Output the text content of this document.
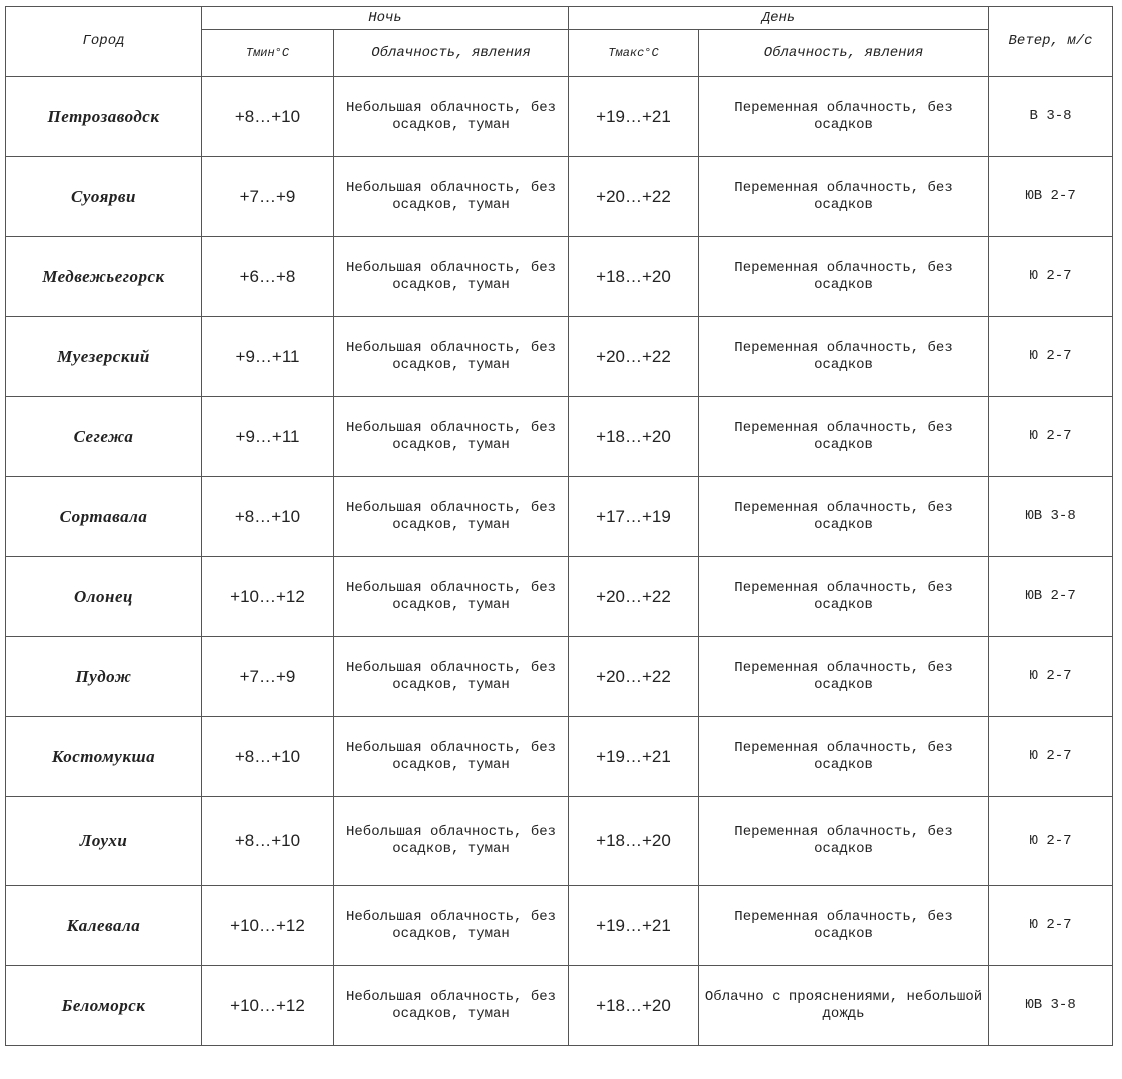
Город	Ночь		День		Ветер, м/с
	Тмин°С	Облачность, явления	Тмакс°С	Облачность, явления	
Петрозаводск	+8…+10	Небольшая облачность, без осадков, туман	+19…+21	Переменная облачность, без осадков	В 3-8
Суоярви	+7…+9	Небольшая облачность, без осадков, туман	+20…+22	Переменная облачность, без осадков	ЮВ 2-7
Медвежьегорск	+6…+8	Небольшая облачность, без осадков, туман	+18…+20	Переменная облачность, без осадков	Ю 2-7
Муезерский	+9…+11	Небольшая облачность, без осадков, туман	+20…+22	Переменная облачность, без осадков	Ю 2-7
Сегежа	+9…+11	Небольшая облачность, без осадков, туман	+18…+20	Переменная облачность, без осадков	Ю 2-7
Сортавала	+8…+10	Небольшая облачность, без осадков, туман	+17…+19	Переменная облачность, без осадков	ЮВ 3-8
Олонец	+10…+12	Небольшая облачность, без осадков, туман	+20…+22	Переменная облачность, без осадков	ЮВ 2-7
Пудож	+7…+9	Небольшая облачность, без осадков, туман	+20…+22	Переменная облачность, без осадков	Ю 2-7
Костомукша	+8…+10	Небольшая облачность, без осадков, туман	+19…+21	Переменная облачность, без осадков	Ю 2-7
Лоухи	+8…+10	Небольшая облачность, без осадков, туман	+18…+20	Переменная облачность, без осадков	Ю 2-7
Калевала	+10…+12	Небольшая облачность, без осадков, туман	+19…+21	Переменная облачность, без осадков	Ю 2-7
Беломорск	+10…+12	Небольшая облачность, без осадков, туман	+18…+20	Облачно с прояснениями, небольшой дождь	ЮВ 3-8
